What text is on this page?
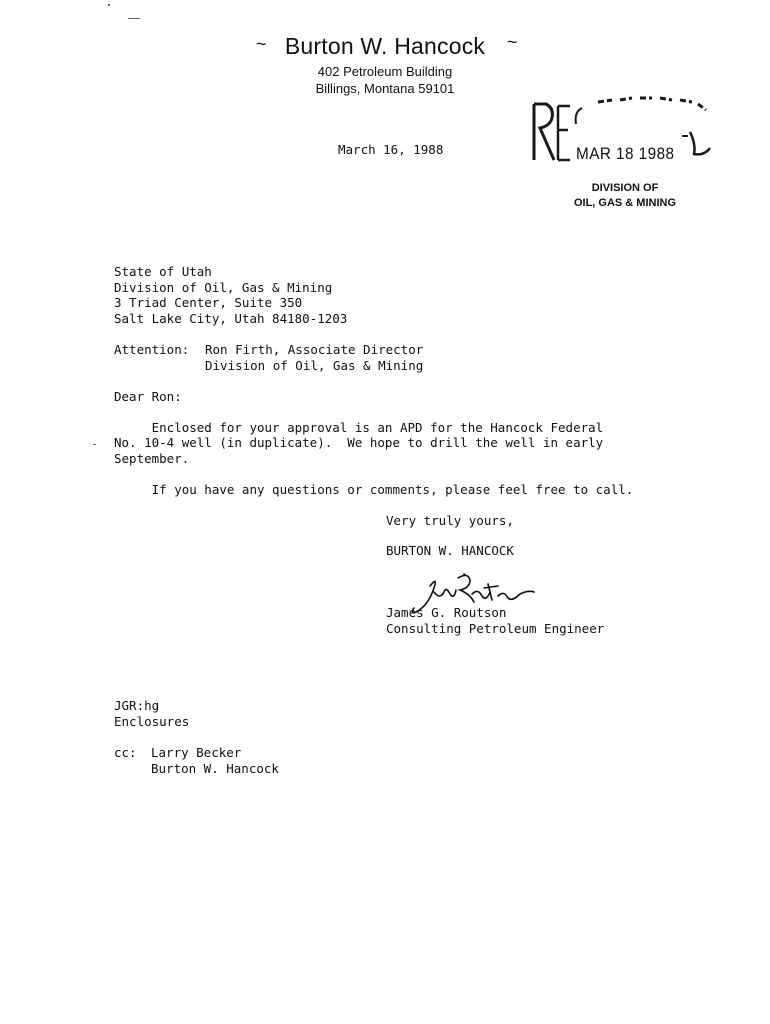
~ Burton W. Hancock	~
402 Petroleum Building
Billings, Montana 59101
March 16, 1988	MAR 18 1988
DIVISION OF
OIL, GAS & MINING
State of Utah
Division of Oil, Gas & Mining
3 Triad Center, Suite 350
Salt Lake City, Utah 84180-1203
Attention: Ron Firth, Associate Director
Division of Oil, Gas & Mining
Dear Ron:
Enclosed for your approval is an APD for the Hancock Federal
No. 10-4 well (in duplicate).  We hope to drill the well in early
September.
If you have any questions or comments, please feel free to call.
Very truly yours,
BURTON W. HANCOCK
James G. Routson
Consulting Petroleum Engineer
JGR:hg
Enclosures
cc: Larry Becker
Burton W. Hancock
